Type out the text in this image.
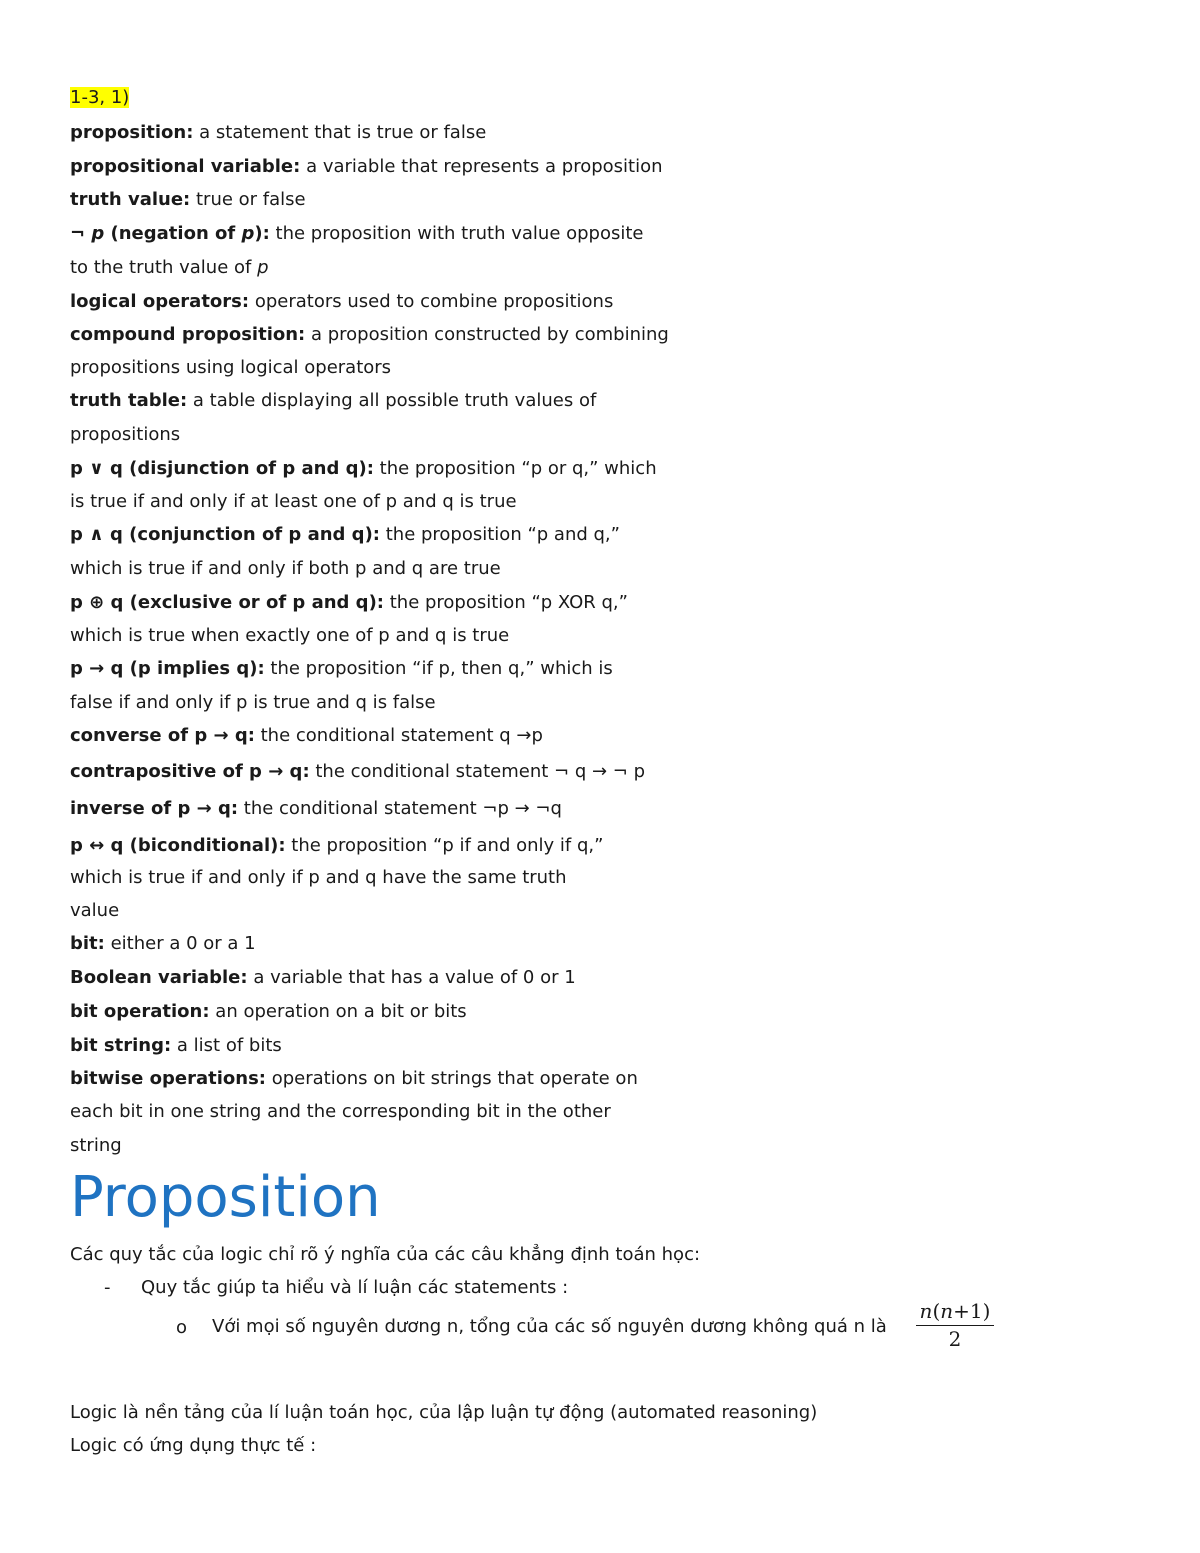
1-3, 1)
proposition: a statement that is true or false
propositional variable: a variable that represents a proposition
truth value: true or false
¬ p (negation of p): the proposition with truth value opposite
to the truth value of p
logical operators: operators used to combine propositions
compound proposition: a proposition constructed by combining
propositions using logical operators
truth table: a table displaying all possible truth values of
propositions
p ∨ q (disjunction of p and q): the proposition “p or q,” which
is true if and only if at least one of p and q is true
p ∧ q (conjunction of p and q): the proposition “p and q,”
which is true if and only if both p and q are true
p ⊕ q (exclusive or of p and q): the proposition “p XOR q,”
which is true when exactly one of p and q is true
p → q (p implies q): the proposition “if p, then q,” which is
false if and only if p is true and q is false
converse of p → q: the conditional statement q →p
contrapositive of p → q: the conditional statement ¬ q → ¬ p
inverse of p → q: the conditional statement ¬p → ¬q
p ↔ q (biconditional): the proposition “p if and only if q,”
which is true if and only if p and q have the same truth
value
bit: either a 0 or a 1
Boolean variable: a variable that has a value of 0 or 1
bit operation: an operation on a bit or bits
bit string: a list of bits
bitwise operations: operations on bit strings that operate on
each bit in one string and the corresponding bit in the other
string
Proposition
Các quy tắc của logic chỉ rõ ý nghĩa của các câu khẳng định toán học:
- Quy tắc giúp ta hiểu và lí luận các statements :
o Với mọi số nguyên dương n, tổng của các số nguyên dương không quá n là
n(n+1)
2
Logic là nền tảng của lí luận toán học, của lập luận tự động (automated reasoning)
Logic có ứng dụng thực tế :
